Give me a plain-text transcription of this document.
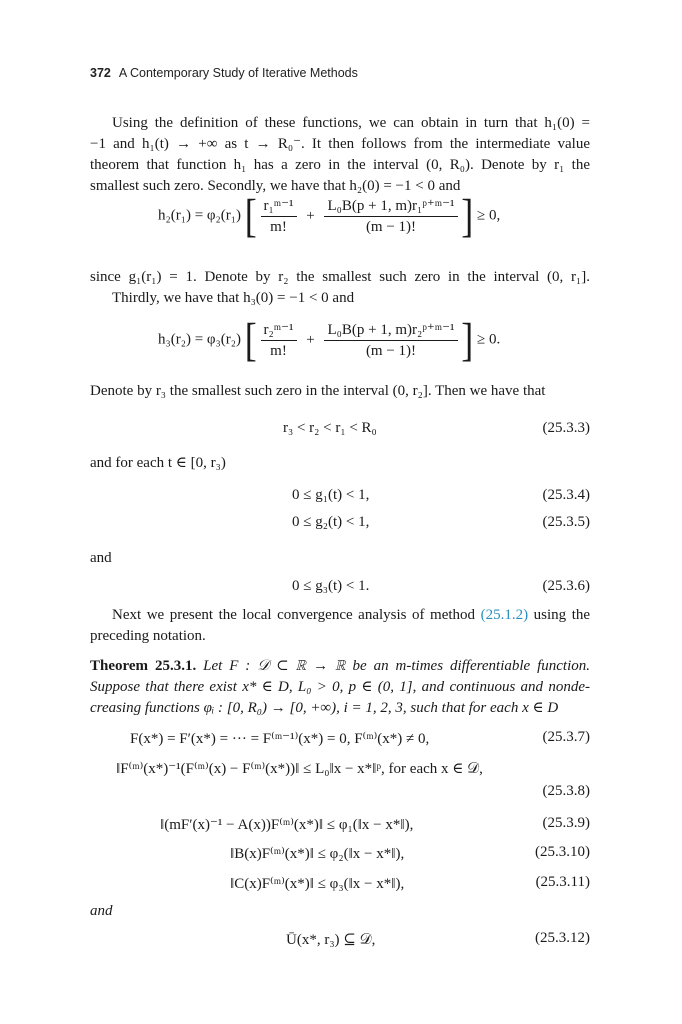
372 A Contemporary Study of Iterative Methods
Using the definition of these functions, we can obtain in turn that h₁(0) =
−1 and h₁(t) → +∞ as t → R₀⁻. It then follows from the intermediate value
theorem that function h₁ has a zero in the interval (0, R₀). Denote by r₁ the
smallest such zero. Secondly, we have that h₂(0) = −1 < 0 and
h₂(r₁) = φ₂(r₁) [ $\frac{\text{r₁ᵐ⁻¹}}{m!} + \frac{\text{L₀B(p + 1, m)r₁ᵖ⁺ᵐ⁻¹}}{(m - 1)!}$ ] ≥ 0,
since g₁(r₁) = 1. Denote by r₂ the smallest such zero in the interval (0, r₁].
Thirdly, we have that h₃(0) = −1 < 0 and
h₃(r₂) = φ₃(r₂) [ $\frac{\text{r₂ᵐ⁻¹}}{m!} + \frac{\text{L₀B(p + 1, m)r₂ᵖ⁺ᵐ⁻¹}}{(m - 1)!}$ ] ≥ 0.
Denote by r₃ the smallest such zero in the interval (0, r₂]. Then we have that
r₃ < r₂ < r₁ < R₀	(25.3.3)
and for each t ∈ [0, r₃)
0 ≤ g₁(t) < 1,	(25.3.4)
0 ≤ g₂(t) < 1,	(25.3.5)
and
0 ≤ g₃(t) < 1.	(25.3.6)
Next we present the local convergence analysis of method (25.1.2) using the
preceding notation.
Theorem 25.3.1. Let F : 𝒟 ⊂ ℝ → ℝ be an m-times differentiable function.
Suppose that there exist x* ∈ D, L₀ > 0, p ∈ (0, 1], and continuous and nonde-
creasing functions φᵢ : [0, R₀) → [0, +∞), i = 1, 2, 3, such that for each x ∈ D
F(x*) = F′(x*) = ··· = F⁽ᵐ⁻¹⁾(x*) = 0, F⁽ᵐ⁾(x*) ≠ 0,	(25.3.7)
‖F⁽ᵐ⁾(x*)⁻¹(F⁽ᵐ⁾(x) − F⁽ᵐ⁾(x*))‖ ≤ L₀‖x − x*‖ᵖ, for each x ∈ 𝒟,
(25.3.8)
‖(mF′(x)⁻¹ − A(x))F⁽ᵐ⁾(x*)‖ ≤ φ₁(‖x − x*‖),	(25.3.9)
‖B(x)F⁽ᵐ⁾(x*)‖ ≤ φ₂(‖x − x*‖),	(25.3.10)
‖C(x)F⁽ᵐ⁾(x*)‖ ≤ φ₃(‖x − x*‖),	(25.3.11)
and
Ū(x*, r₃) ⊆ 𝒟,	(25.3.12)
